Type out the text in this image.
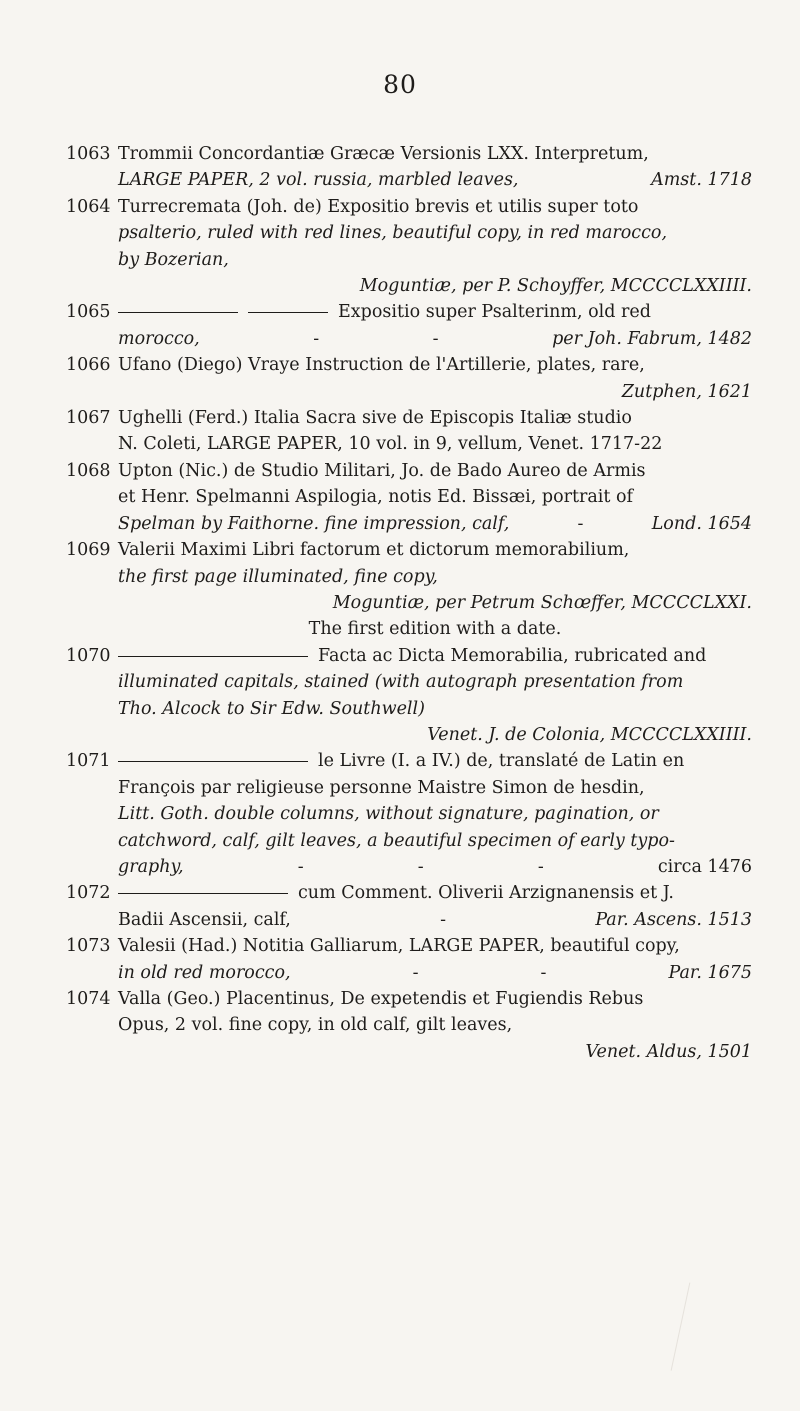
80
1063 Trommii Concordantiæ Græcæ Versionis LXX. Interpretum,
LARGE PAPER, 2 vol. russia, marbled leaves,	Amst. 1718
1064 Turrecremata (Joh. de) Expositio brevis et utilis super toto
psalterio, ruled with red lines, beautiful copy, in red marocco,
by Bozerian,
Moguntiæ, per P. Schoyffer, MCCCCLXXIIII.
1065	Expositio super Psalterinm, old red
morocco,	-	-	per Joh. Fabrum, 1482
1066 Ufano (Diego) Vraye Instruction de l'Artillerie, plates, rare,
Zutphen, 1621
1067 Ughelli (Ferd.) Italia Sacra sive de Episcopis Italiæ studio
N. Coleti, LARGE PAPER, 10 vol. in 9, vellum, Venet. 1717-22
1068 Upton (Nic.) de Studio Militari, Jo. de Bado Aureo de Armis
et Henr. Spelmanni Aspilogia, notis Ed. Bissæi, portrait of
Spelman by Faithorne. fine impression, calf,	-	Lond. 1654
1069 Valerii Maximi Libri factorum et dictorum memorabilium,
the first page illuminated, fine copy,
Moguntiæ, per Petrum Schœffer, MCCCCLXXI.
The first edition with a date.
1070	Facta ac Dicta Memorabilia, rubricated and
illuminated capitals, stained (with autograph presentation from
Tho. Alcock to Sir Edw. Southwell)
Venet. J. de Colonia, MCCCCLXXIIII.
1071	le Livre (I. a IV.) de, translaté de Latin en
François par religieuse personne Maistre Simon de hesdin,
Litt. Goth. double columns, without signature, pagination, or
catchword, calf, gilt leaves, a beautiful specimen of early typo-
graphy,	-	-	-	circa 1476
1072	cum Comment. Oliverii Arzignanensis et J.
Badii Ascensii, calf,	-	Par. Ascens. 1513
1073 Valesii (Had.) Notitia Galliarum, LARGE PAPER, beautiful copy,
in old red morocco,	-	-	Par. 1675
1074 Valla (Geo.) Placentinus, De expetendis et Fugiendis Rebus
Opus, 2 vol. fine copy, in old calf, gilt leaves,
Venet. Aldus, 1501
